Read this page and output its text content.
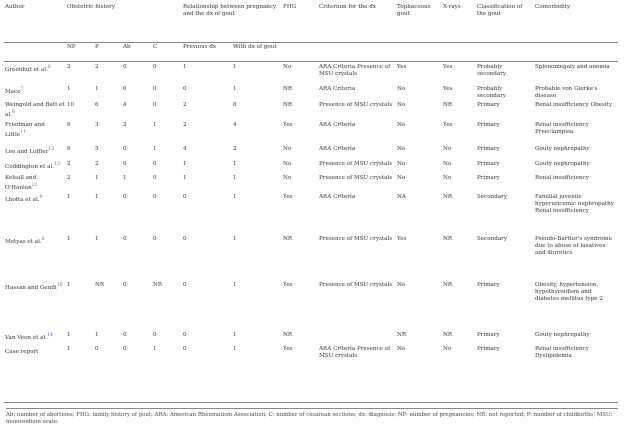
Author	Obstetric history				Relationship between pregnancy and the dx of gout		FHG	Criterium for the dx	Tophaceous gout	X-rays	Classification of the gout	Comorbidity
	NP	P	Ab	C	Previous dx	With dx of gout						
Greenhut et al.$^6$	2	2	0	0	1	1	No	ARA Criteria Presence of MSU crystals	Yes	Yes	Probably secondary	Splenomegaly and anemia
Mace$^7$	1	1	0	0	0	1	NR	ARA Criteria	No	Yes	Probably secondary	Probable von Gierke's disease
Weingold and Batt et al.$^8$	10	6	4	0	2	8	NR	Presence of MSU crystals	No	NR	Primary	Renal insufficiency Obesity
Friedman and Little$^{11}$	6	3	2	1	2	4	Yes	ARA Criteria	No	Yes	Primary	Renal insufficiency Preeclampsia
Lee and Loffler$^{12}$	6	5	0	1	4	2	No	ARA Criteria	No	No	Primary	Gouty nephropathy
Coddington et al.$^{13}$	2	2	0	0	1	1	No	Presence of MSU crystals	No	No	Primary	Gouty nephropathy
Kelsall and O'Hanlon$^{21}$	2	1	1	0	1	1	No	Presence of MSU crystals	No	No	Primary	Renal insufficiency
Lhotta et al.$^9$	1	1	0	0	0	1	Yes	ARA Criteria	NA	NR	Secondary	Familial juvenile hyperuricemic nephropathy Renal insufficiency
Metyas et al.$^6$	1	1	0	0	0	1	NR	Presence of MSU crystals	Yes	NR	Secondary	Pseudo-Bartter's syndrome due to abuse of laxatives and diuretics
Hassan and Gendi$^{10}$	1	NR	0	NR	0	1	Yes	Presence of MSU crystals	No	NR	Primary	Obesity, hypertension, hypothyroidism and diabetes mellitus type 2
Van Veen et al.$^{14}$	1	1	0	0	0	1	NR		NR	NR	Primary	Gouty nephropathy
Case report	1	0	0	1	0	1	Yes	ARA Criteria Presence of MSU crystals	No	No	Primary	Renal insufficiency Dyslipidemia
Ab: number of abortions; FHG: family history of gout; ARA: American Rheumatism Association; C: number of cesarean sections; dx: diagnosis; NP: number of pregnancies; NR: not reported; P: number of childbirths; MSU: monosodium urate.
